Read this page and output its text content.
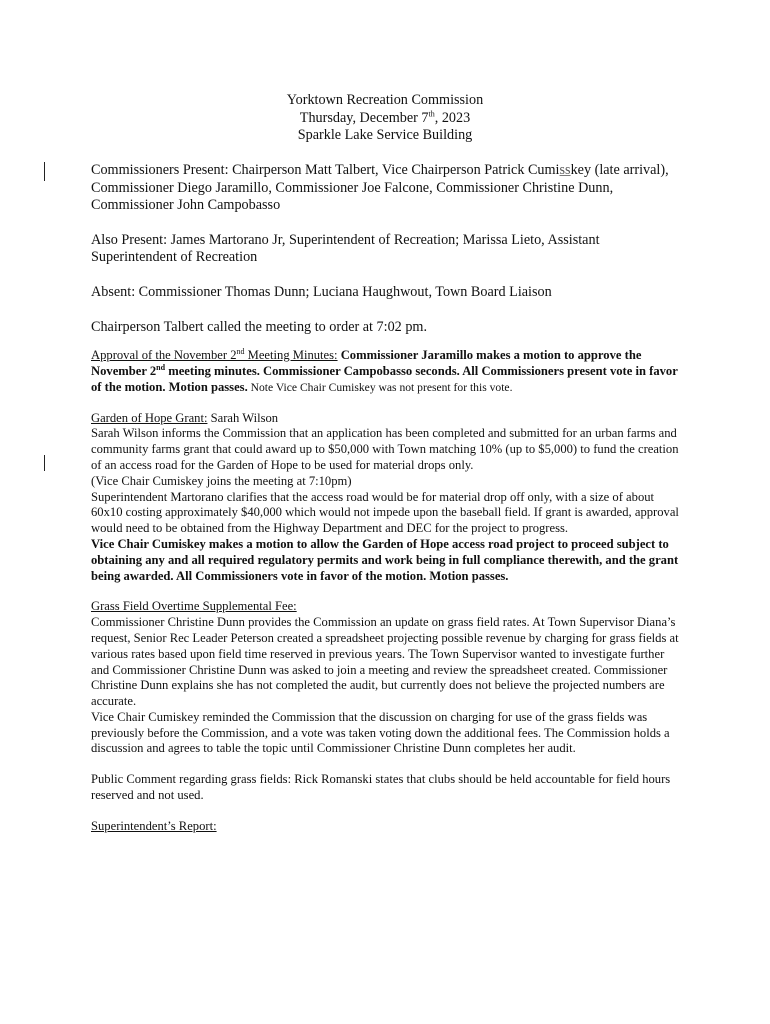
Yorktown Recreation Commission
Thursday, December 7th, 2023
Sparkle Lake Service Building

Commissioners Present: Chairperson Matt Talbert, Vice Chairperson Patrick Cumisskey (late arrival), Commissioner Diego Jaramillo, Commissioner Joe Falcone, Commissioner Christine Dunn, Commissioner John Campobasso

Also Present: James Martorano Jr, Superintendent of Recreation; Marissa Lieto, Assistant Superintendent of Recreation

Absent: Commissioner Thomas Dunn; Luciana Haughwout, Town Board Liaison

Chairperson Talbert called the meeting to order at 7:02 pm.

Approval of the November 2nd Meeting Minutes: Commissioner Jaramillo makes a motion to approve the November 2nd meeting minutes. Commissioner Campobasso seconds. All Commissioners present vote in favor of the motion. Motion passes. Note Vice Chair Cumiskey was not present for this vote.

Garden of Hope Grant: Sarah Wilson

Sarah Wilson informs the Commission that an application has been completed and submitted for an urban farms and community farms grant that could award up to $50,000 with Town matching 10% (up to $5,000) to fund the creation of an access road for the Garden of Hope to be used for material drops only.

(Vice Chair Cumiskey joins the meeting at 7:10pm)

Superintendent Martorano clarifies that the access road would be for material drop off only, with a size of about 60x10 costing approximately $40,000 which would not impede upon the baseball field. If grant is awarded, approval would need to be obtained from the Highway Department and DEC for the project to progress.

Vice Chair Cumiskey makes a motion to allow the Garden of Hope access road project to proceed subject to obtaining any and all required regulatory permits and work being in full compliance therewith, and the grant being awarded. All Commissioners vote in favor of the motion. Motion passes.

Grass Field Overtime Supplemental Fee:

Commissioner Christine Dunn provides the Commission an update on grass field rates. At Town Supervisor Diana’s request, Senior Rec Leader Peterson created a spreadsheet projecting possible revenue by charging for grass fields at various rates based upon field time reserved in previous years. The Town Supervisor wanted to investigate further and Commissioner Christine Dunn was asked to join a meeting and review the spreadsheet created. Commissioner Christine Dunn explains she has not completed the audit, but currently does not believe the projected numbers are accurate.

Vice Chair Cumiskey reminded the Commission that the discussion on charging for use of the grass fields was previously before the Commission, and a vote was taken voting down the additional fees. The Commission holds a discussion and agrees to table the topic until Commissioner Christine Dunn completes her audit.

Public Comment regarding grass fields: Rick Romanski states that clubs should be held accountable for field hours reserved and not used.

Superintendent’s Report:
